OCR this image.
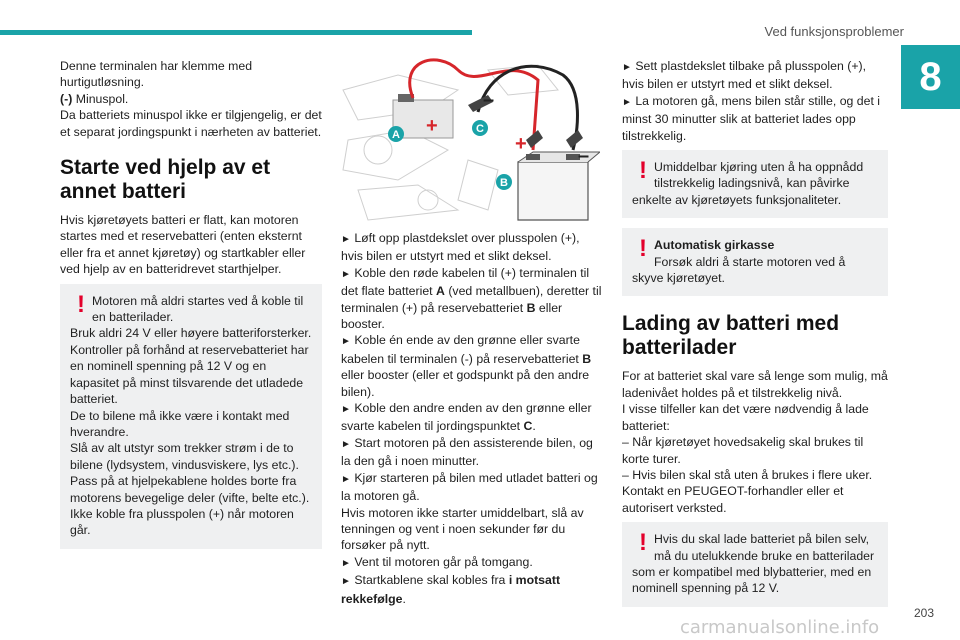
Ved funksjonsproblemer
8

Denne terminalen har klemme med hurtigutløsning.

(-) Minuspol.

Da batteriets minuspol ikke er tilgjengelig, er det et separat jordingspunkt i nærheten av batteriet.

Starte ved hjelp av et annet batteri

Hvis kjøretøyets batteri er flatt, kan motoren startes med et reservebatteri (enten eksternt eller fra et annet kjøretøy) og startkabler eller ved hjelp av en batteridrevet starthjelper.

! Motoren må aldri startes ved å koble til en batterilader.

Bruk aldri 24 V eller høyere batteriforsterker.

Kontroller på forhånd at reservebatteriet har en nominell spenning på 12 V og en kapasitet på minst tilsvarende det utladede batteriet.

De to bilene må ikke være i kontakt med hverandre.

Slå av alt utstyr som trekker strøm i de to bilene (lydsystem, vindusviskere, lys etc.).

Pass på at hjelpekablene holdes borte fra motorens bevegelige deler (vifte, belte etc.).

Ikke koble fra plusspolen (+) når motoren går.

+
–
+
–
A	C
B

► Løft opp plastdekslet over plusspolen (+), hvis bilen er utstyrt med et slikt deksel.

► Koble den røde kabelen til (+) terminalen til det flate batteriet A (ved metallbuen), deretter til terminalen (+) på reservebatteriet B eller booster.

► Koble én ende av den grønne eller svarte kabelen til terminalen (-) på reservebatteriet B eller booster (eller et godspunkt på den andre bilen).

► Koble den andre enden av den grønne eller svarte kabelen til jordingspunktet C.

► Start motoren på den assisterende bilen, og la den gå i noen minutter.

► Kjør starteren på bilen med utladet batteri og la motoren gå.

Hvis motoren ikke starter umiddelbart, slå av tenningen og vent i noen sekunder før du forsøker på nytt.

► Vent til motoren går på tomgang.

► Startkablene skal kobles fra i motsatt rekkefølge.

► Sett plastdekslet tilbake på plusspolen (+), hvis bilen er utstyrt med et slikt deksel.

► La motoren gå, mens bilen står stille, og det i minst 30 minutter slik at batteriet lades opp tilstrekkelig.

! Umiddelbar kjøring uten å ha oppnådd tilstrekkelig ladingsnivå, kan påvirke

enkelte av kjøretøyets funksjonaliteter.

! Automatisk girkasse

Forsøk aldri å starte motoren ved å

skyve kjøretøyet.

Lading av batteri med batterilader

For at batteriet skal vare så lenge som mulig, må ladenivået holdes på et tilstrekkelig nivå.

I visse tilfeller kan det være nødvendig å lade batteriet:

– Når kjøretøyet hovedsakelig skal brukes til korte turer.

– Hvis bilen skal stå uten å brukes i flere uker.

Kontakt en PEUGEOT-forhandler eller et autorisert verksted.

! Hvis du skal lade batteriet på bilen selv, må du utelukkende bruke en batterilader

som er kompatibel med blybatterier, med en nominell spenning på 12 V.

203
carmanualsonline.info
